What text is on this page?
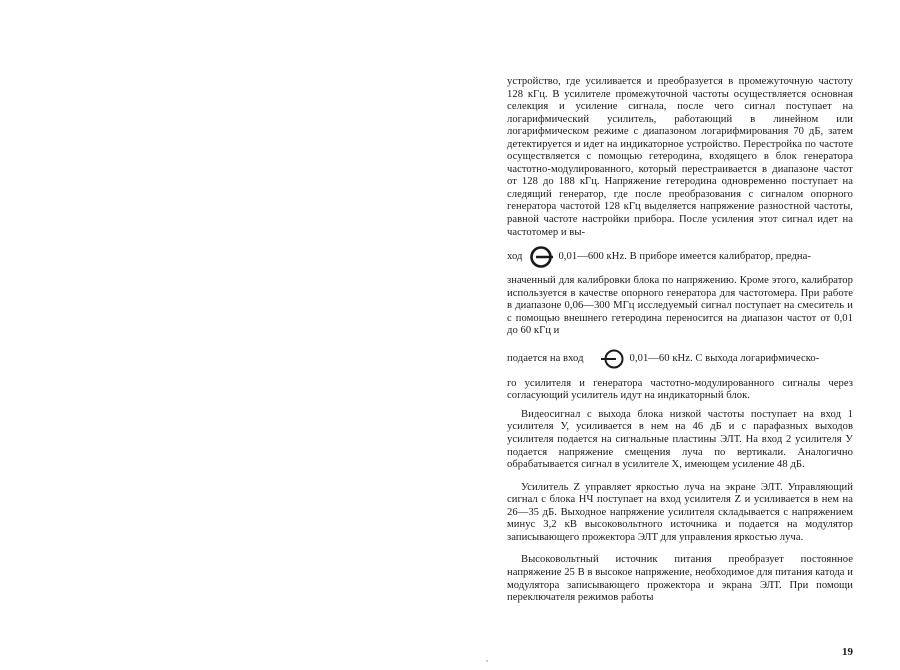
устройство, где усиливается и преобразуется в промежуточную частоту 128 кГц. В усилителе промежуточной частоты осуществляется основная селекция и усиление сигнала, после чего сигнал поступает на логарифмический усилитель, работающий в линейном или логарифмическом режиме с диапазоном логарифмирования 70 дБ, затем детектируется и идет на индикаторное устройство. Перестройка по частоте осуществляется с помощью гетеродина, входящего в блок генератора частотно-модулированного, который перестраивается в диапазоне частот от 128 до 188 кГц. Напряжение гетеродина одновременно поступает на следящий генератор, где после преобразования с сигналом опорного генератора частотой 128 кГц выделяется напряжение разностной частоты, равной частоте настройки прибора. После усиления этот сигнал идет на частотомер и вы-

ход	0,01—600 кHz. В приборе имеется калибратор, предна-

значенный для калибровки блока по напряжению. Кроме этого, калибратор используется в качестве опорного генератора для частотомера. При работе в диапазоне 0,06—300 МГц исследуемый сигнал поступает на смеситель и с помощью внешнего гетеродина переносится на диапазон частот от 0,01 до 60 кГц и

подается на вход	0,01—60 кHz. С выхода логарифмическо-

го усилителя и генератора частотно-модулированного сигналы через согласующий усилитель идут на индикаторный блок.

Видеосигнал с выхода блока низкой частоты поступает на вход 1 усилителя У, усиливается в нем на 46 дБ и с парафазных выходов усилителя подается на сигнальные пластины ЭЛТ. На вход 2 усилителя У подается напряжение смещения луча по вертикали. Аналогично обрабатывается сигнал в усилителе X, имеющем усиление 48 дБ.

Усилитель Z управляет яркостью луча на экране ЭЛТ. Управляющий сигнал с блока НЧ поступает на вход усилителя Z и усиливается в нем на 26—35 дБ. Выходное напряжение усилителя складывается с напряжением минус 3,2 кВ высоковольтного источника и подается на модулятор записывающего прожектора ЭЛТ для управления яркостью луча.

Высоковольтный источник питания преобразует постоянное напряжение 25 В в высокое напряжение, необходимое для питания катода и модулятора записывающего прожектора и экрана ЭЛТ. При помощи переключателя режимов работы

19
